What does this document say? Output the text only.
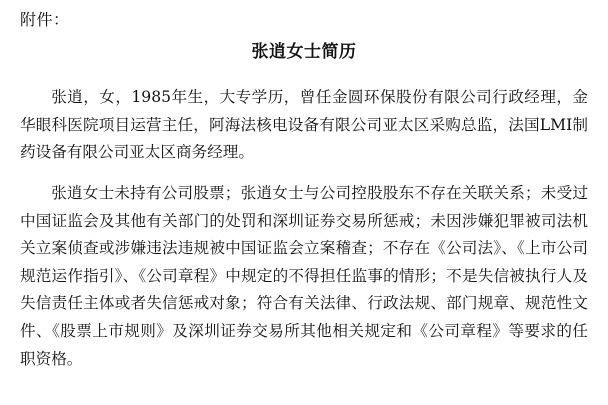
附件：
张逍女士简历

张逍，女，1985年生，大专学历，曾任金圆环保股份有限公司行政经理，金华眼科医院项目运营主任，阿海法核电设备有限公司亚太区采购总监，法国LMI制药设备有限公司亚太区商务经理。

张逍女士未持有公司股票；张逍女士与公司控股股东不存在关联关系；未受过中国证监会及其他有关部门的处罚和深圳证券交易所惩戒；未因涉嫌犯罪被司法机关立案侦查或涉嫌违法违规被中国证监会立案稽查；不存在《公司法》、《上市公司规范运作指引》、《公司章程》中规定的不得担任监事的情形；不是失信被执行人及失信责任主体或者失信惩戒对象；符合有关法律、行政法规、部门规章、规范性文件、《股票上市规则》及深圳证券交易所其他相关规定和《公司章程》等要求的任职资格。
